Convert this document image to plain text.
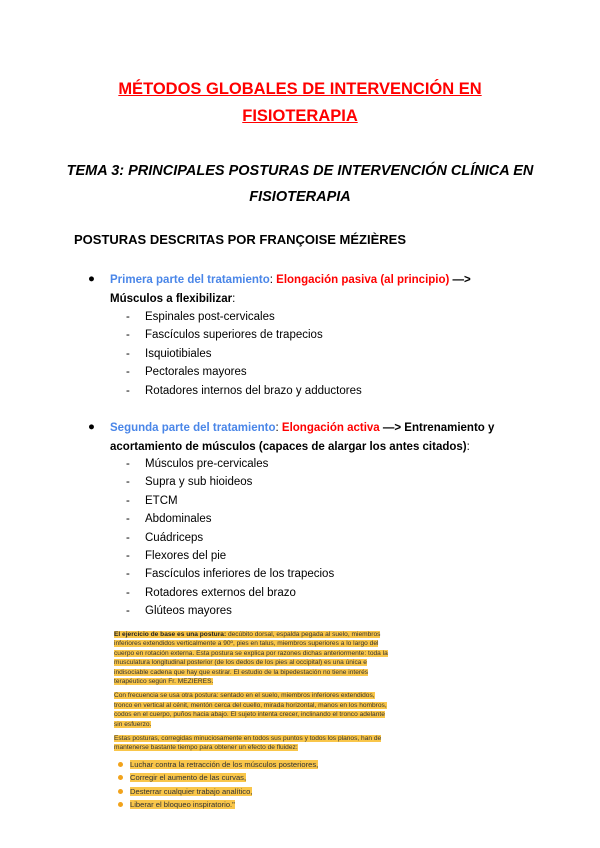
MÉTODOS GLOBALES DE INTERVENCIÓN EN
FISIOTERAPIA
TEMA 3: PRINCIPALES POSTURAS DE INTERVENCIÓN CLÍNICA EN
FISIOTERAPIA
POSTURAS DESCRITAS POR FRANÇOISE MÉZIÈRES
● Primera parte del tratamiento: Elongación pasiva (al principio) —> Músculos a flexibilizar:
- Espinales post-cervicales
- Fascículos superiores de trapecios
- Isquiotibiales
- Pectorales mayores
- Rotadores internos del brazo y adductores
● Segunda parte del tratamiento: Elongación activa —> Entrenamiento y acortamiento de músculos (capaces de alargar los antes citados):
- Músculos pre-cervicales
- Supra y sub hioideos
- ETCM
- Abdominales
- Cuádriceps
- Flexores del pie
- Fascículos inferiores de los trapecios
- Rotadores externos del brazo
- Glúteos mayores

El ejercicio de base es una postura: decúbito dorsal, espalda pegada al suelo, miembros inferiores extendidos verticalmente a 90º, pies en talus, miembros superiores a lo largo del cuerpo en rotación externa. Esta postura se explica por razones dichas anteriormente: toda la musculatura longitudinal posterior (de los dedos de los pies al occipital) es una única e indisociable cadena que hay que estirar. El estudio de la bipedestación no tiene interés terapéutico según Fr. MEZIERES.

Con frecuencia se usa otra postura: sentado en el suelo, miembros inferiores extendidos, tronco en vertical al cénit, mentón cerca del cuello, mirada horizontal, manos en los hombros, codos en el cuerpo, puños hacia abajo. El sujeto intenta crecer, inclinando el tronco adelante sin esfuerzo.

Estas posturas, corregidas minuciosamente en todos sus puntos y todos los planos, han de mantenerse bastante tiempo para obtener un efecto de fluidez:

Luchar contra la retracción de los músculos posteriores,
Corregir el aumento de las curvas,
Desterrar cualquier trabajo analítico,
Liberar el bloqueo inspiratorio."
